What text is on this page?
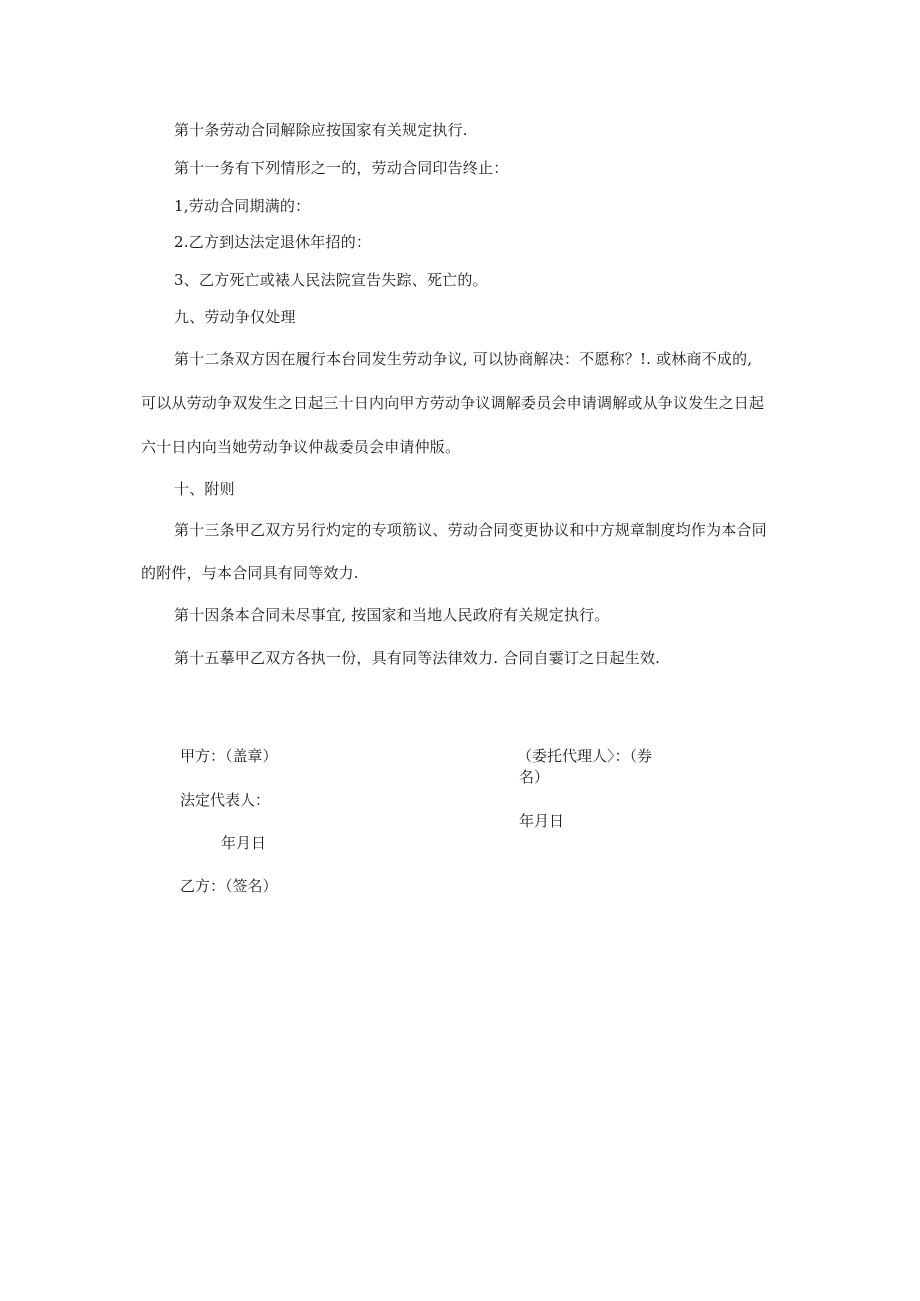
第十条劳动合同解除应按国家有关规定执行.
第十一务有下列情形之一的，劳动合同印告终止：
1,劳动合同期满的：
2.乙方到达法定退休年招的：
3、乙方死亡或裱人民法院宣告失踪、死亡的。
九、劳动争仅处理
第十二条双方因在履行本台同发生劳动争议, 可以协商解决：不愿称？!. 或林商不成的,
可以从劳动争双发生之日起三十日内向甲方劳动争议调解委员会申请调解或从争议发生之日起
六十日内向当她劳动争议仲裁委员会申请仲版。
十、附则
第十三条甲乙双方另行灼定的专项筋议、劳动合同变更协议和中方规章制度均作为本合同
的附件，与本合同具有同等效力.
第十因条本合同未尽事宜, 按国家和当地人民政府有关规定执行。
第十五摹甲乙双方各执一份，具有同等法律效力. 合同自霎订之日起生效.
甲方：（盖章）
法定代表人：
年月日
乙方：（签名）
（委托代理人〉：（券
名）
年月日
